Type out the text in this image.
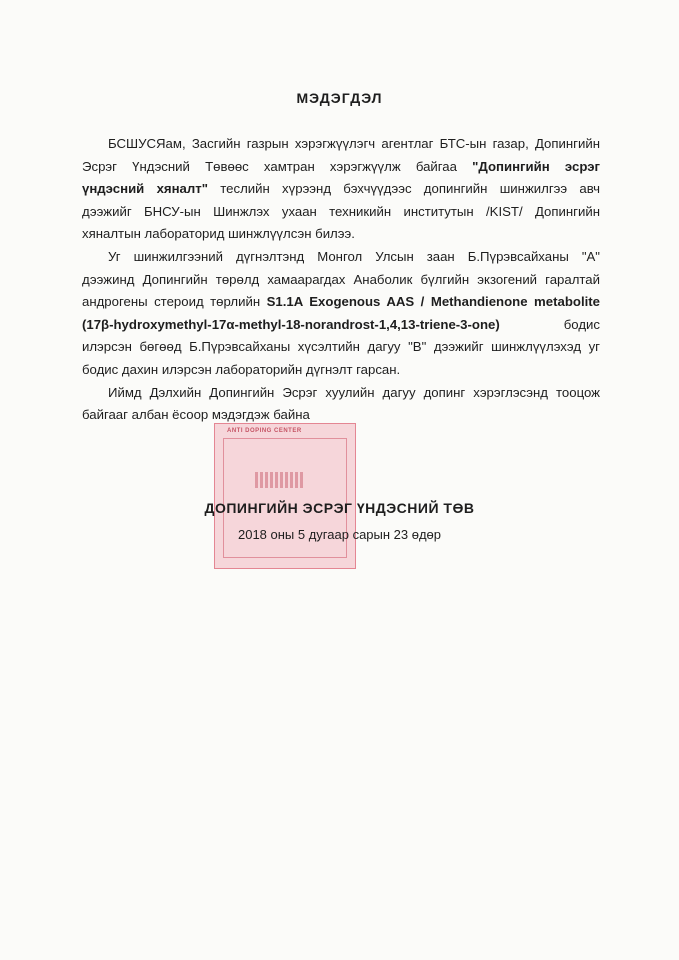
МЭДЭГДЭЛ
БСШУСЯам, Засгийн газрын хэрэгжүүлэгч агентлаг БТС-ын газар, Допингийн
Эсрэг Үндэсний Төвөөс хамтран хэрэгжүүлж байгаа "Допингийн эсрэг
үндэсний хяналт" теслийн хүрээнд бэхчүүдээс допингийн шинжилгээ авч
дээжийг БНСУ-ын Шинжлэх ухаан техникийн институтын /KIST/ Допингийн
хяналтын лабораторид шинжлүүлсэн билээ.
Уг шинжилгээний дүгнэлтэнд Монгол Улсын заан Б.Пүрэвсайханы "А"
дээжинд Допингийн төрөлд хамаарагдах Анаболик бүлгийн экзогений гаралтай
андрогены стероид төрлийн S1.1A Exogenous AAS / Methandienone metabolite
(17β-hydroxymethyl-17α-methyl-18-norandrost-1,4,13-triene-3-one)	бодис
илэрсэн бөгөөд Б.Пүрэвсайханы хүсэлтийн дагуу "В" дээжийг шинжлүүлэхэд уг
бодис дахин илэрсэн лабораторийн дүгнэлт гарсан.
Иймд Дэлхийн Допингийн Эсрэг хуулийн дагуу допинг хэрэглэсэнд тооцож
байгааг албан ёсоор мэдэгдэж байна
ANTI DOPING CENTER
ДОПИНГИЙН ЭСРЭГ ҮНДЭСНИЙ ТӨВ
2018 оны 5 дугаар сарын 23 өдөр
